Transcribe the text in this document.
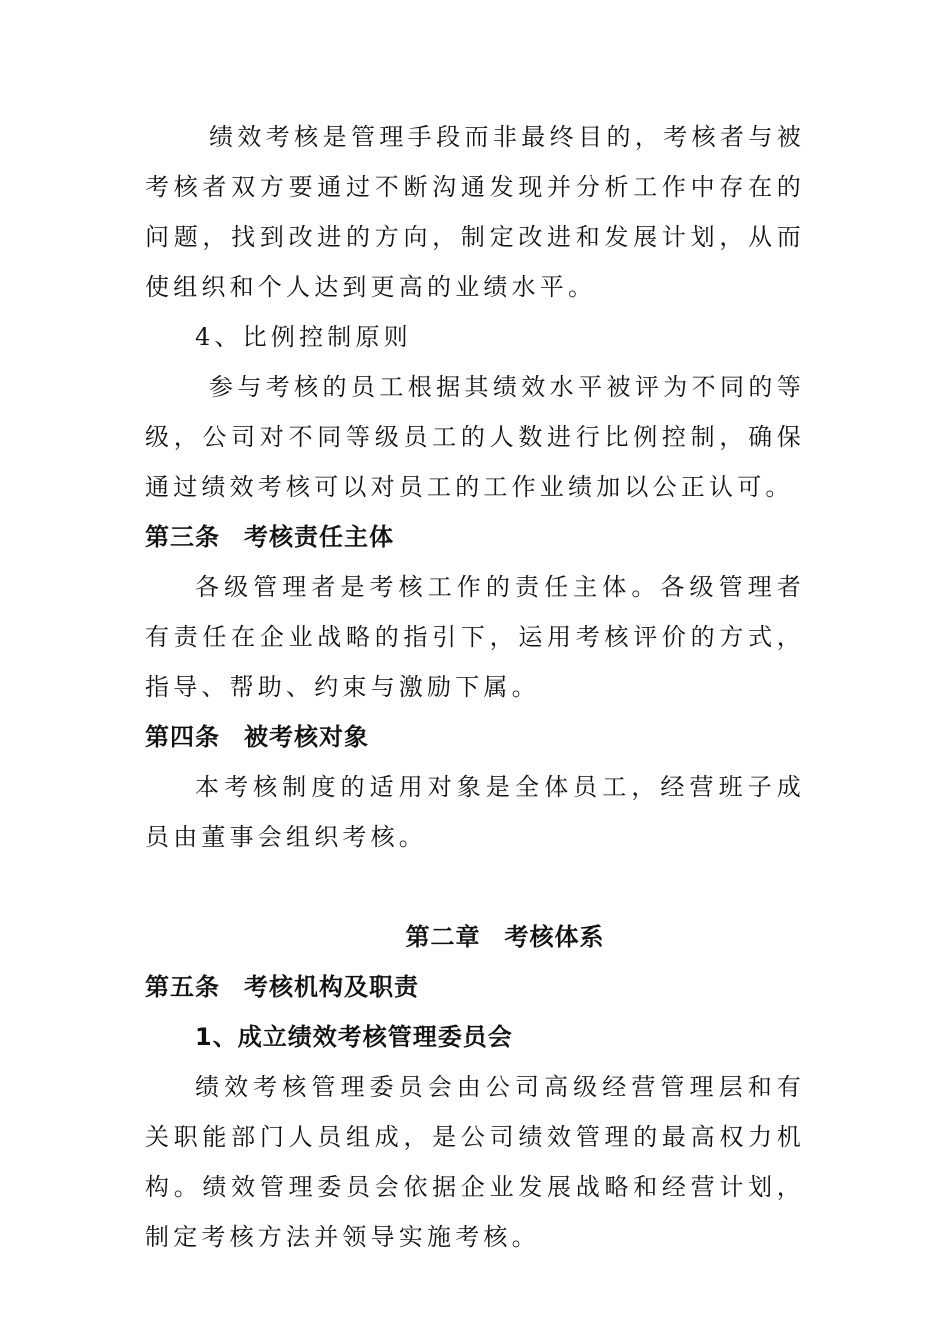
绩效考核是管理手段而非最终目的，考核者与被考核者双方要通过不断沟通发现并分析工作中存在的问题，找到改进的方向，制定改进和发展计划，从而使组织和个人达到更高的业绩水平。

4、比例控制原则

参与考核的员工根据其绩效水平被评为不同的等级，公司对不同等级员工的人数进行比例控制，确保通过绩效考核可以对员工的工作业绩加以公正认可。

第三条 考核责任主体

各级管理者是考核工作的责任主体。各级管理者有责任在企业战略的指引下，运用考核评价的方式，指导、帮助、约束与激励下属。

第四条 被考核对象

本考核制度的适用对象是全体员工，经营班子成员由董事会组织考核。

第二章 考核体系

第五条 考核机构及职责

1、成立绩效考核管理委员会

绩效考核管理委员会由公司高级经营管理层和有关职能部门人员组成，是公司绩效管理的最高权力机构。绩效管理委员会依据企业发展战略和经营计划，制定考核方法并领导实施考核。
